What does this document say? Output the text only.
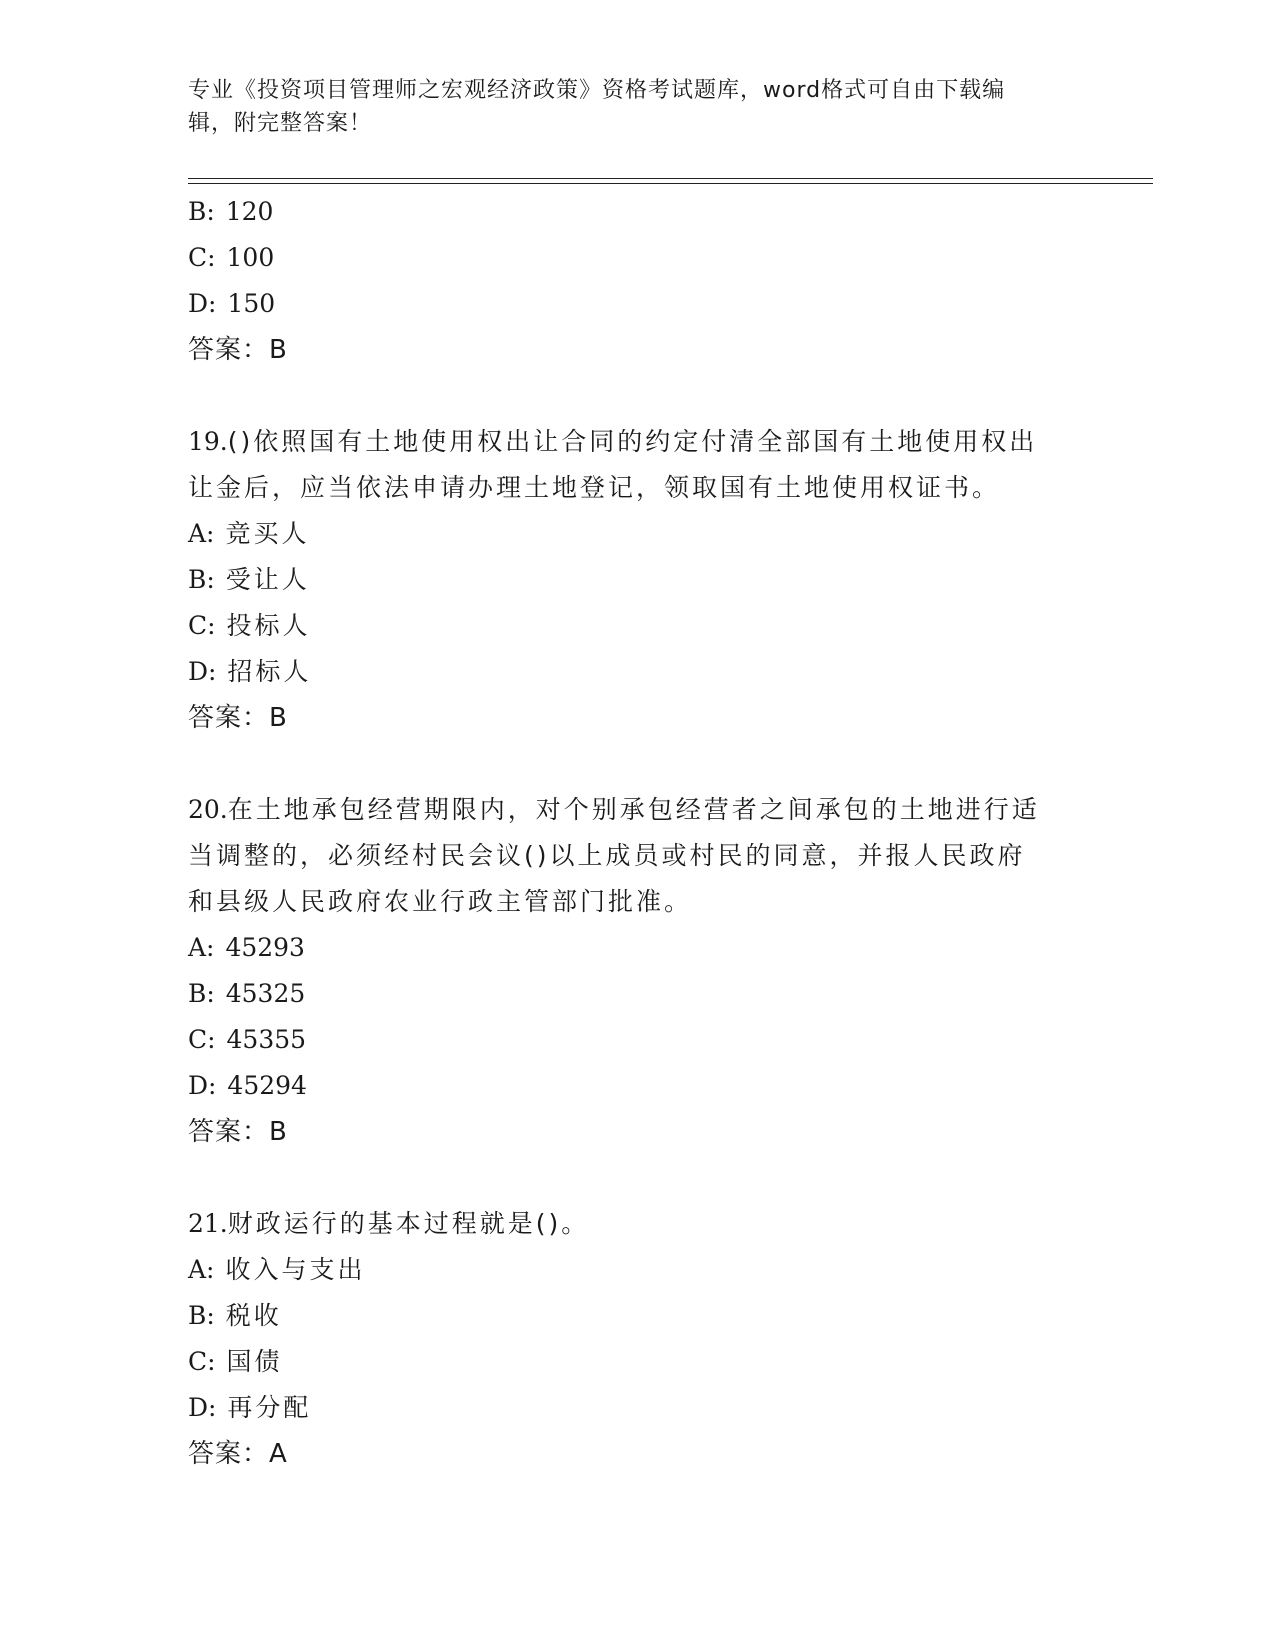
专业《投资项目管理师之宏观经济政策》资格考试题库，word格式可自由下载编
辑，附完整答案！
B: 120
C: 100
D: 150
答案：B
19.()依照国有土地使用权出让合同的约定付清全部国有土地使用权出
让金后，应当依法申请办理土地登记，领取国有土地使用权证书。
A: 竞买人
B: 受让人
C: 投标人
D: 招标人
答案：B
20.在土地承包经营期限内，对个别承包经营者之间承包的土地进行适
当调整的，必须经村民会议()以上成员或村民的同意，并报人民政府
和县级人民政府农业行政主管部门批准。
A: 45293
B: 45325
C: 45355
D: 45294
答案：B
21.财政运行的基本过程就是()。
A: 收入与支出
B: 税收
C: 国债
D: 再分配
答案：A
